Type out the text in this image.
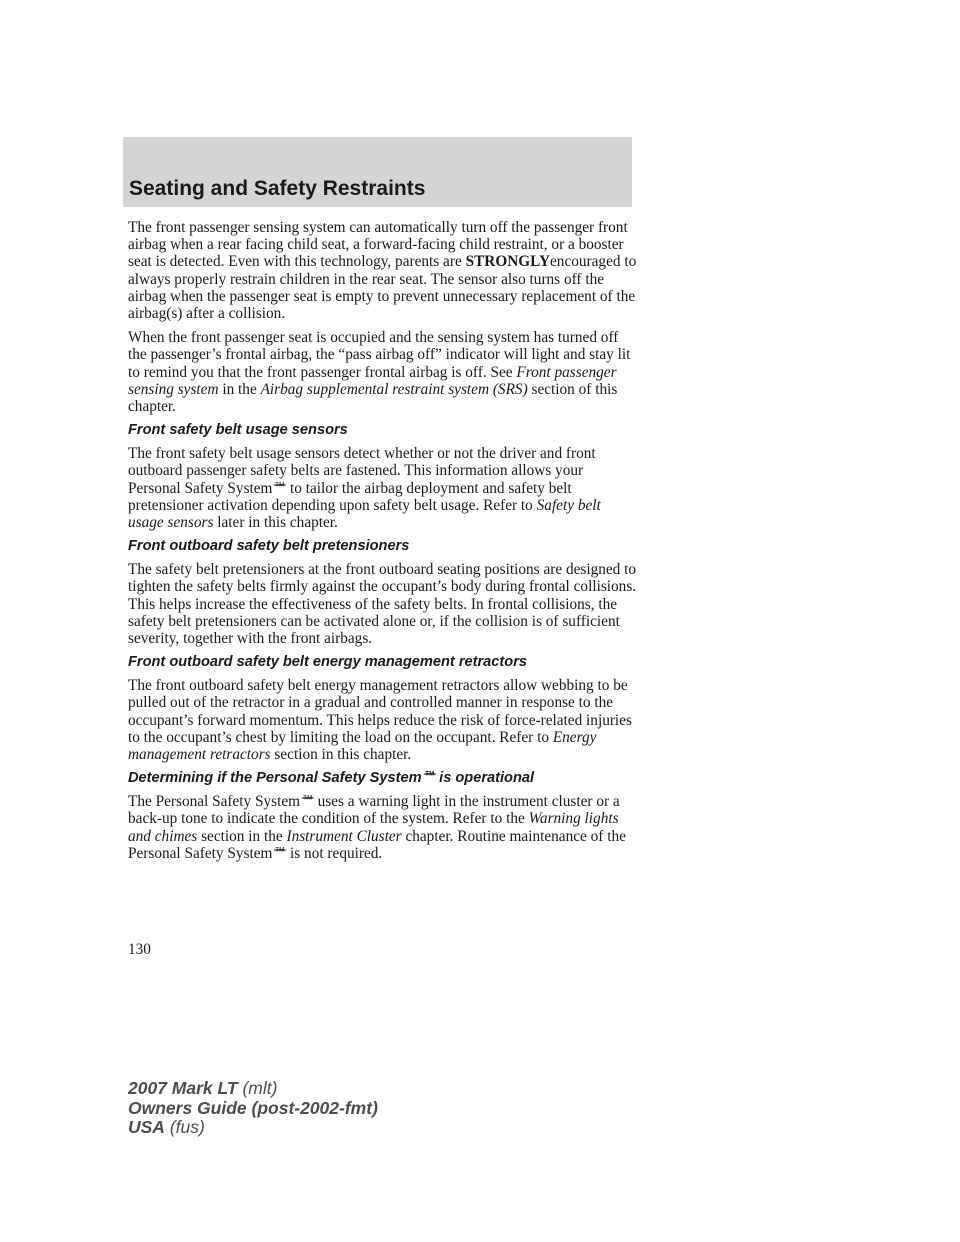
Seating and Safety Restraints

The front passenger sensing system can automatically turn off the passenger front airbag when a rear facing child seat, a forward-facing child restraint, or a booster seat is detected. Even with this technology, parents are STRONGLYencouraged to always properly restrain children in the rear seat. The sensor also turns off the airbag when the passenger seat is empty to prevent unnecessary replacement of the airbag(s) after a collision.

When the front passenger seat is occupied and the sensing system has turned off the passenger’s frontal airbag, the “pass airbag off” indicator will light and stay lit to remind you that the front passenger frontal airbag is off. See Front passenger sensing system in the Airbag supplemental restraint system (SRS) section of this chapter.

Front safety belt usage sensors

The front safety belt usage sensors detect whether or not the driver and front outboard passenger safety belts are fastened. This information allows your Personal Safety System TM to tailor the airbag deployment and safety belt pretensioner activation depending upon safety belt usage. Refer to Safety belt usage sensors later in this chapter.

Front outboard safety belt pretensioners

The safety belt pretensioners at the front outboard seating positions are designed to tighten the safety belts firmly against the occupant’s body during frontal collisions. This helps increase the effectiveness of the safety belts. In frontal collisions, the safety belt pretensioners can be activated alone or, if the collision is of sufficient severity, together with the front airbags.

Front outboard safety belt energy management retractors

The front outboard safety belt energy management retractors allow webbing to be pulled out of the retractor in a gradual and controlled manner in response to the occupant’s forward momentum. This helps reduce the risk of force-related injuries to the occupant’s chest by limiting the load on the occupant. Refer to Energy management retractors section in this chapter.

Determining if the Personal Safety System TM is operational

The Personal Safety System TM uses a warning light in the instrument cluster or a back-up tone to indicate the condition of the system. Refer to the Warning lights and chimes section in the Instrument Cluster chapter. Routine maintenance of the Personal Safety System TM is not required.

130

2007 Mark LT (mlt)
Owners Guide (post-2002-fmt)
USA (fus)
